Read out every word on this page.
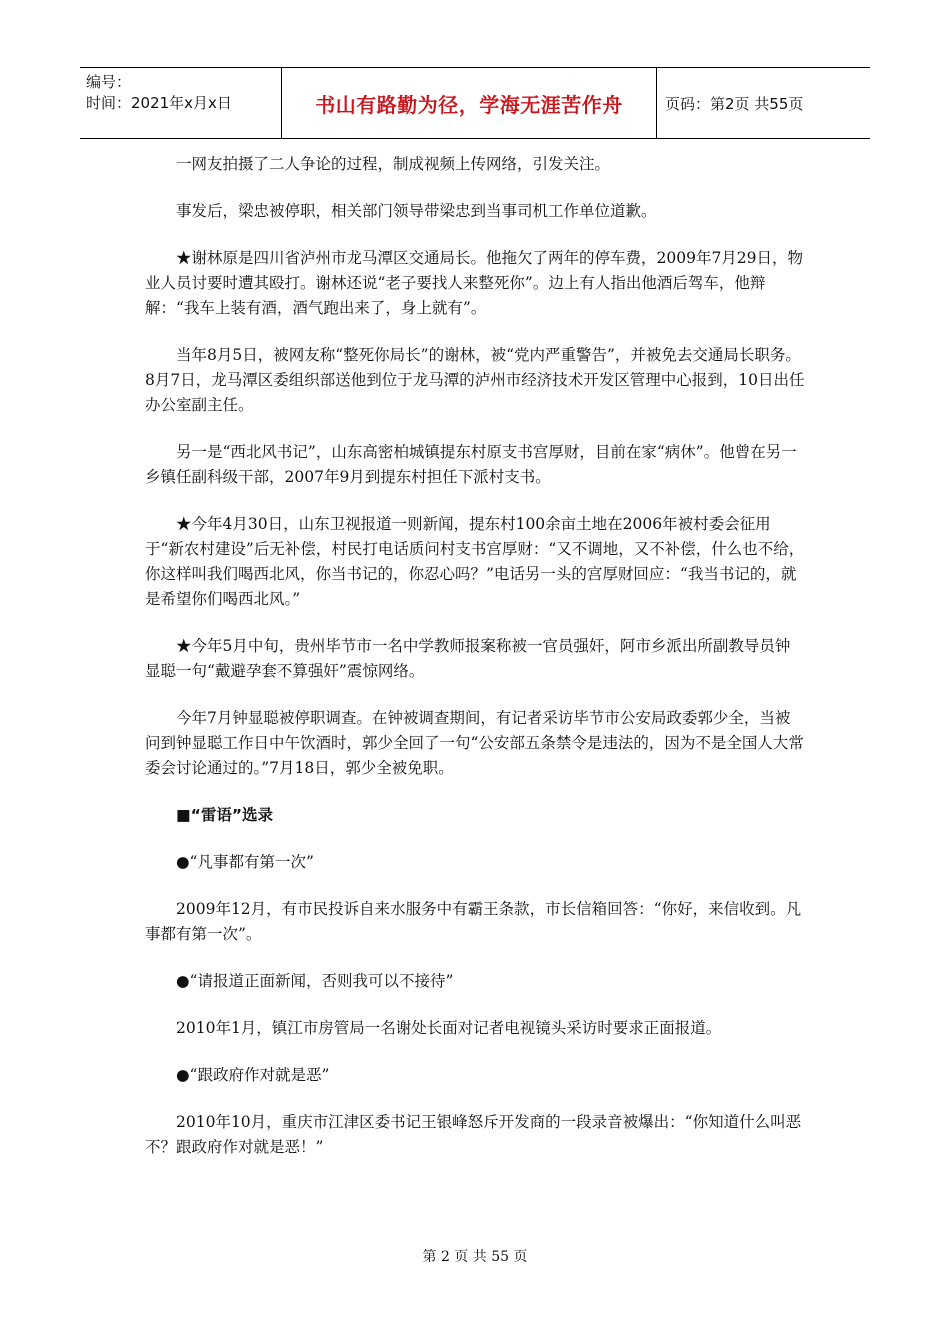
编号：
时间：2021年x月x日	书山有路勤为径，学海无涯苦作舟	页码：第2页 共55页

一网友拍摄了二人争论的过程，制成视频上传网络，引发关注。

事发后，梁忠被停职，相关部门领导带梁忠到当事司机工作单位道歉。

★谢林原是四川省泸州市龙马潭区交通局长。他拖欠了两年的停车费，2009年7月29日，物业人员讨要时遭其殴打。谢林还说“老子要找人来整死你”。边上有人指出他酒后驾车，他辩解：“我车上装有酒，酒气跑出来了，身上就有”。

当年8月5日，被网友称“整死你局长”的谢林，被“党内严重警告”，并被免去交通局长职务。8月7日，龙马潭区委组织部送他到位于龙马潭的泸州市经济技术开发区管理中心报到，10日出任办公室副主任。

另一是“西北风书记”，山东高密柏城镇提东村原支书宫厚财，目前在家“病休”。他曾在另一乡镇任副科级干部，2007年9月到提东村担任下派村支书。

★今年4月30日，山东卫视报道一则新闻，提东村100余亩土地在2006年被村委会征用于“新农村建设”后无补偿，村民打电话质问村支书宫厚财：“又不调地，又不补偿，什么也不给，你这样叫我们喝西北风，你当书记的，你忍心吗？”电话另一头的宫厚财回应：“我当书记的，就是希望你们喝西北风。”

★今年5月中旬，贵州毕节市一名中学教师报案称被一官员强奸，阿市乡派出所副教导员钟显聪一句“戴避孕套不算强奸”震惊网络。

今年7月钟显聪被停职调查。在钟被调查期间，有记者采访毕节市公安局政委郭少全，当被问到钟显聪工作日中午饮酒时，郭少全回了一句“公安部五条禁令是违法的，因为不是全国人大常委会讨论通过的。”7月18日，郭少全被免职。

■“雷语”选录

●“凡事都有第一次”

2009年12月，有市民投诉自来水服务中有霸王条款，市长信箱回答：“你好，来信收到。凡事都有第一次”。

●“请报道正面新闻，否则我可以不接待”

2010年1月，镇江市房管局一名谢处长面对记者电视镜头采访时要求正面报道。

●“跟政府作对就是恶”

2010年10月，重庆市江津区委书记王银峰怒斥开发商的一段录音被爆出：“你知道什么叫恶不？跟政府作对就是恶！”

第 2 页 共 55 页
